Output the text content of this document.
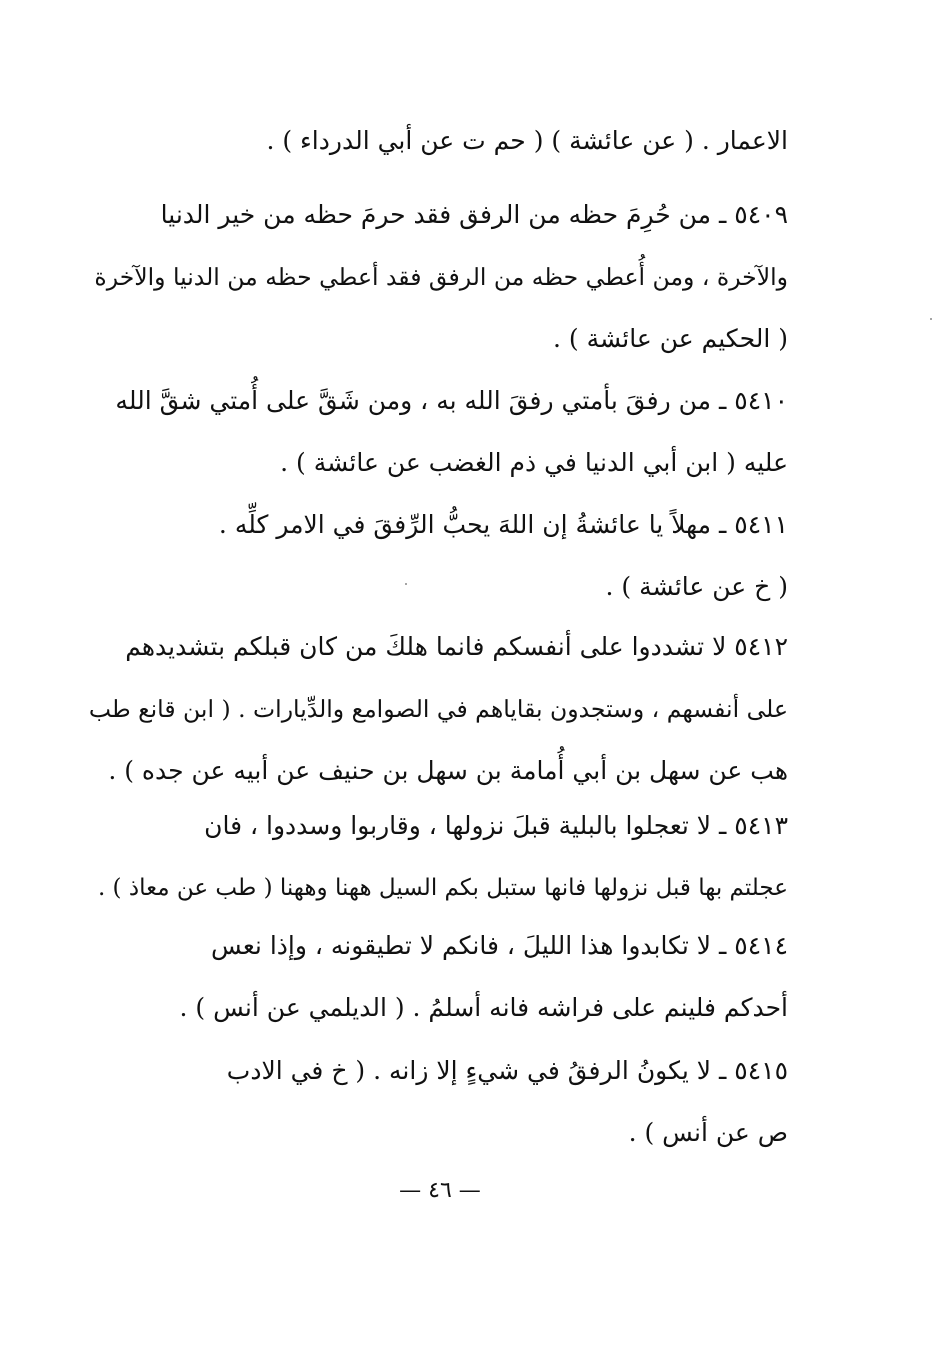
الاعمار . ( عن عائشة ) ( حم ت عن أبي الدرداء ) .
٥٤٠٩ ـ من حُرِمَ حظه من الرفق فقد حرمَ حظه من خير الدنيا
والآخرة ، ومن أُعطي حظه من الرفق فقد أعطي حظه من الدنيا والآخرة
( الحكيم عن عائشة ) .
٥٤١٠ ـ من رفقَ بأمتي رفقَ الله به ، ومن شَقَّ على أُمتي شقَّ الله
عليه ( ابن أبي الدنيا في ذم الغضب عن عائشة ) .
٥٤١١ ـ مهلاً يا عائشةُ إن اللهَ يحبُّ الرِّفقَ في الامر كلِّه .
( خ عن عائشة ) .
٥٤١٢ لا تشددوا على أنفسكم فانما هلكَ من كان قبلكم بتشديدهم
على أنفسهم ، وستجدون بقاياهم في الصوامع والدِّيارات . ( ابن قانع طب
هب عن سهل بن أبي أُمامة بن سهل بن حنيف عن أبيه عن جده ) .
٥٤١٣ ـ لا تعجلوا بالبلية قبلَ نزولها ، وقاربوا وسددوا ، فان
عجلتم بها قبل نزولها فانها ستبل بكم السيل ههنا وههنا ( طب عن معاذ ) .
٥٤١٤ ـ لا تكابدوا هذا الليلَ ، فانكم لا تطيقونه ، وإذا نعس
أحدكم فلينم على فراشه فانه أسلمُ . ( الديلمي عن أنس ) .
٥٤١٥ ـ لا يكونُ الرفقُ في شيءٍ إلا زانه . ( خ في الادب
ص عن أنس ) .
— ٤٦ —
